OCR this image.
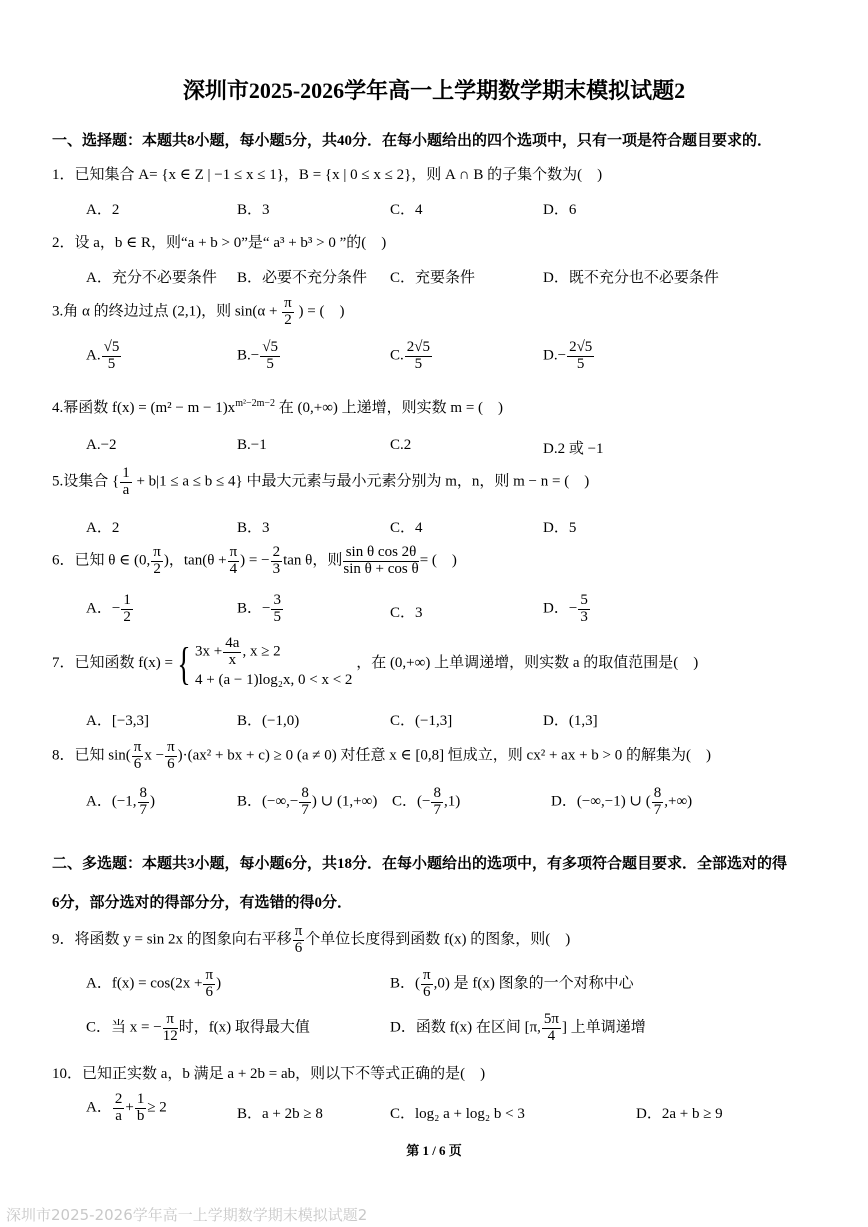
深圳市2025-2026学年高一上学期数学期末模拟试题2
一、选择题：本题共8小题，每小题5分，共40分．在每小题给出的四个选项中，只有一项是符合题目要求的．
1．已知集合 A= {x ∈ Z | −1 ≤ x ≤ 1}，B = {x | 0 ≤ x ≤ 2}，则 A ∩ B 的子集个数为(　)
A．2	B．3	C．4	D．6
2．设 a，b ∈ R，则“a + b > 0”是“ a³ + b³ > 0 ”的(　)
A．充分不必要条件 B．必要不充分条件 C．充要条件	D．既不充分也不必要条件
3.角 α 的终边过点 (2,1)，则 $\sin(\alpha + \frac{\pi}{2}$ ) = (　)
A. $\frac{√5}{5}$	$B.- \frac{√5}{5}$	C. $\frac{2√5}{5}$	$D.- \frac{2√5}{5}$
4.幂函数 $f(x) = (m^2 - m - 1)x^{m^2-2m-2}$ 在 (0,+∞) 上递增，则实数 m = (　)
A.−2	B.−1	C.2	D.2 或 −1
5.设集合 { $\frac{1}{a} + b|1 \le a \le b \le 4$} 中最大元素与最小元素分别为 m，n，则 m − n = (　)
A．2	B．3	C．4	D．5
6．已知 θ ∈ (0, $\frac{\pi}{2}$ )，$\tan(\theta + \frac{\pi}{4}$ ) = − $\frac{2}{3}$ tan θ，则 $\frac{\text{sin θ cos 2θ}}{\text{sin θ + cos θ}}$ = (　)
A．− $\frac{1}{2}$	B．− $\frac{3}{5}$	C．3	D．− $\frac{5}{3}$
7．已知函数 f(x) ={ $3x + \frac{4a}{x}$ , x ≥ 2
4 + (a − 1)log₂x, 0 < x < 2
，在 (0,+∞) 上单调递增，则实数 a 的取值范围是(　)
A．[−3,3]	B．(−1,0)	C．(−1,3]	D．(1,3]
8．已知 $\sin( \frac{\pi}{6}$ $x - \frac{\pi}{6} )\cdot(ax^2$ + bx + c) ≥ 0 (a ≠ 0) 对任意 x ∈ [0,8] 恒成立，则 cx² + ax + b > 0 的解集为(　)
A．(−1, $\frac{8}{7}$ )	B．(−∞,− $\frac{8}{7}$ ) ∪ (1,+∞) C．(− $\frac{8}{7} ,1$)	D．(−∞,−1) ∪ ( $\frac{8}{7}$ ,+∞)
二、多选题：本题共3小题，每小题6分，共18分．在每小题给出的选项中，有多项符合题目要求．全部选对的得
6分，部分选对的得部分分，有选错的得0分．
9．将函数 y = sin 2x 的图象向右平移 $\frac{\pi}{6}$ 个单位长度得到函数 f(x) 的图象，则(　)
A．$f(x) = \cos(2x + \frac{\pi}{6}$ )	B．( $\frac{\pi}{6} ,0$) 是 f(x) 图象的一个对称中心
C．当 x = − $\frac{\pi}{12}$ 时，f(x) 取得最大值	D．函数 f(x) 在区间 [π, $\frac{5\pi}{4}$ ] 上单调递增
10．已知正实数 a，b 满足 a + 2b = ab，则以下不等式正确的是(　)
A． $\frac{2}{a} + \frac{1}{b} \ge 2$	B．a + 2b ≥ 8	C．log₂ a + log₂ b < 3	D．2a + b ≥ 9
第 1 / 6 页
深圳市2025-2026学年高一上学期数学期末模拟试题2
